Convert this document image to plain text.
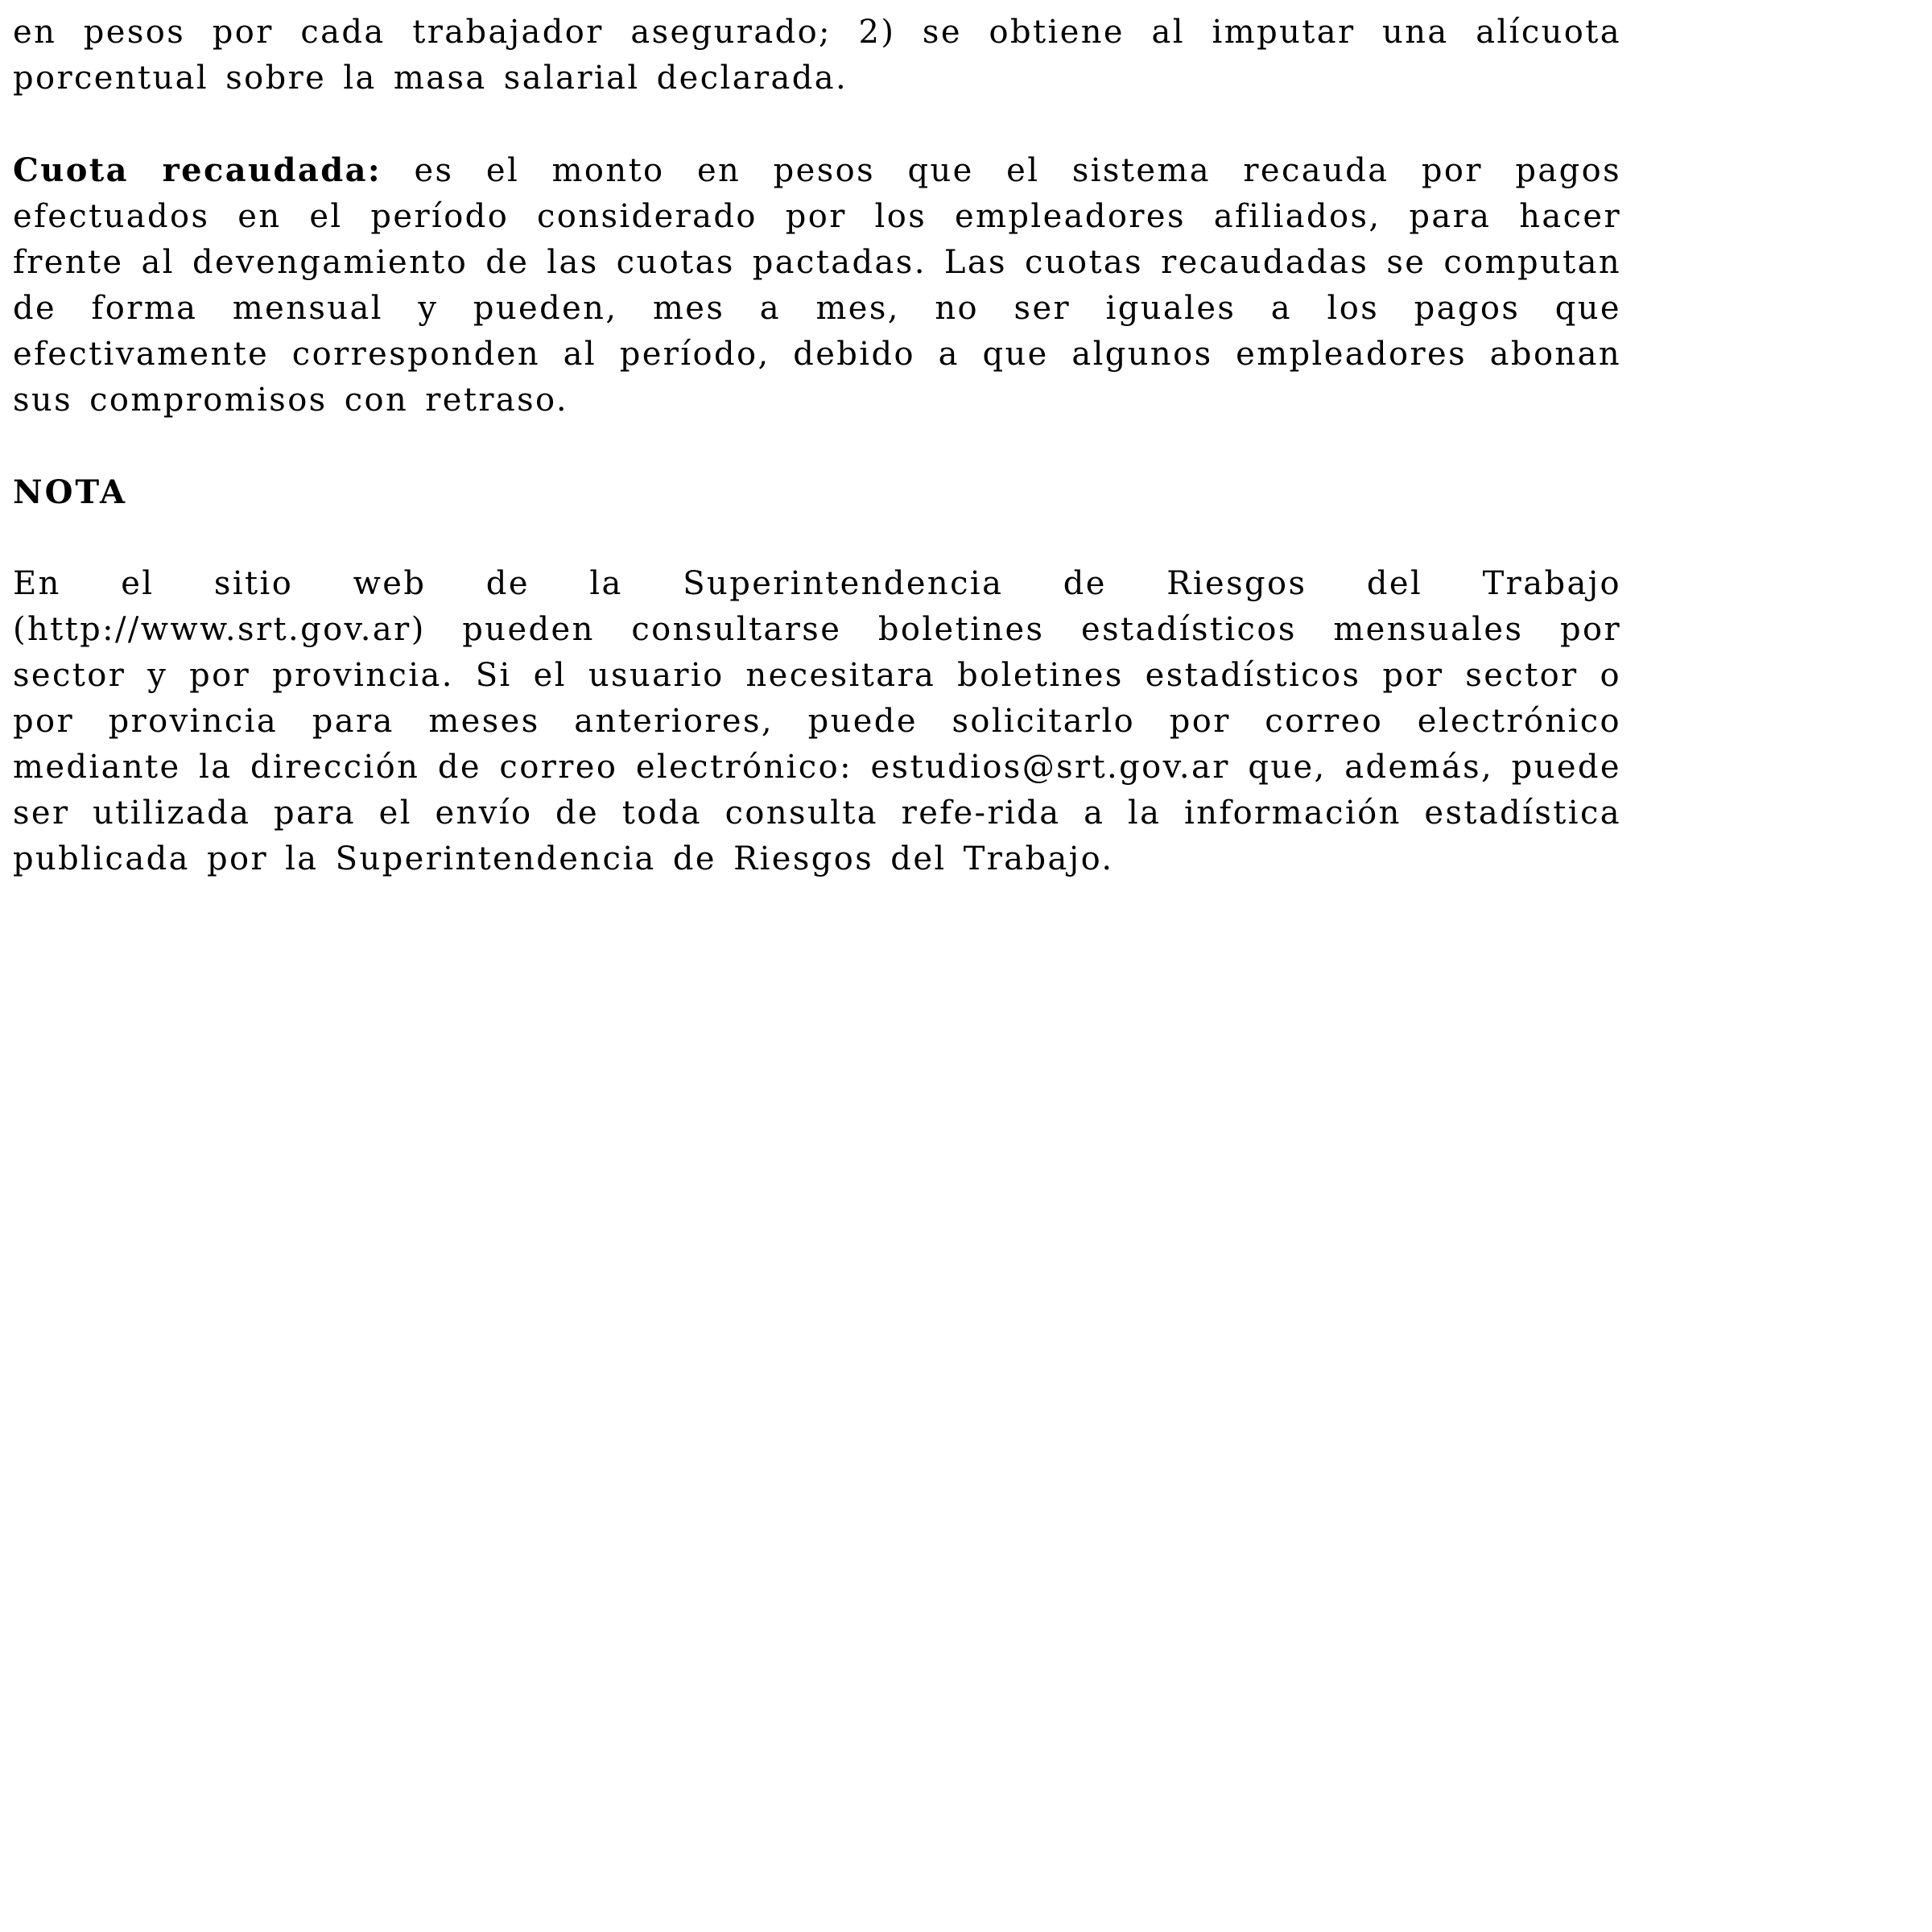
en pesos por cada trabajador asegurado; 2) se obtiene al imputar una alícuota porcentual sobre la masa salarial declarada.

Cuota recaudada: es el monto en pesos que el sistema recauda por pagos efectuados en el período considerado por los empleadores afiliados, para hacer frente al devengamiento de las cuotas pactadas. Las cuotas recaudadas se computan de forma mensual y pueden, mes a mes, no ser iguales a los pagos que efectivamente corresponden al período, debido a que algunos empleadores abonan sus compromisos con retraso.

NOTA

En el sitio web de la Superintendencia de Riesgos del Trabajo (http://www.srt.gov.ar) pueden consultarse boletines estadísticos mensuales por sector y por provincia. Si el usuario necesitara boletines estadísticos por sector o por provincia para meses anteriores, puede solicitarlo por correo electrónico mediante la dirección de correo electrónico: estudios@srt.gov.ar que, además, puede ser utilizada para el envío de toda consulta refe-rida a la información estadística publicada por la Superintendencia de Riesgos del Trabajo.
